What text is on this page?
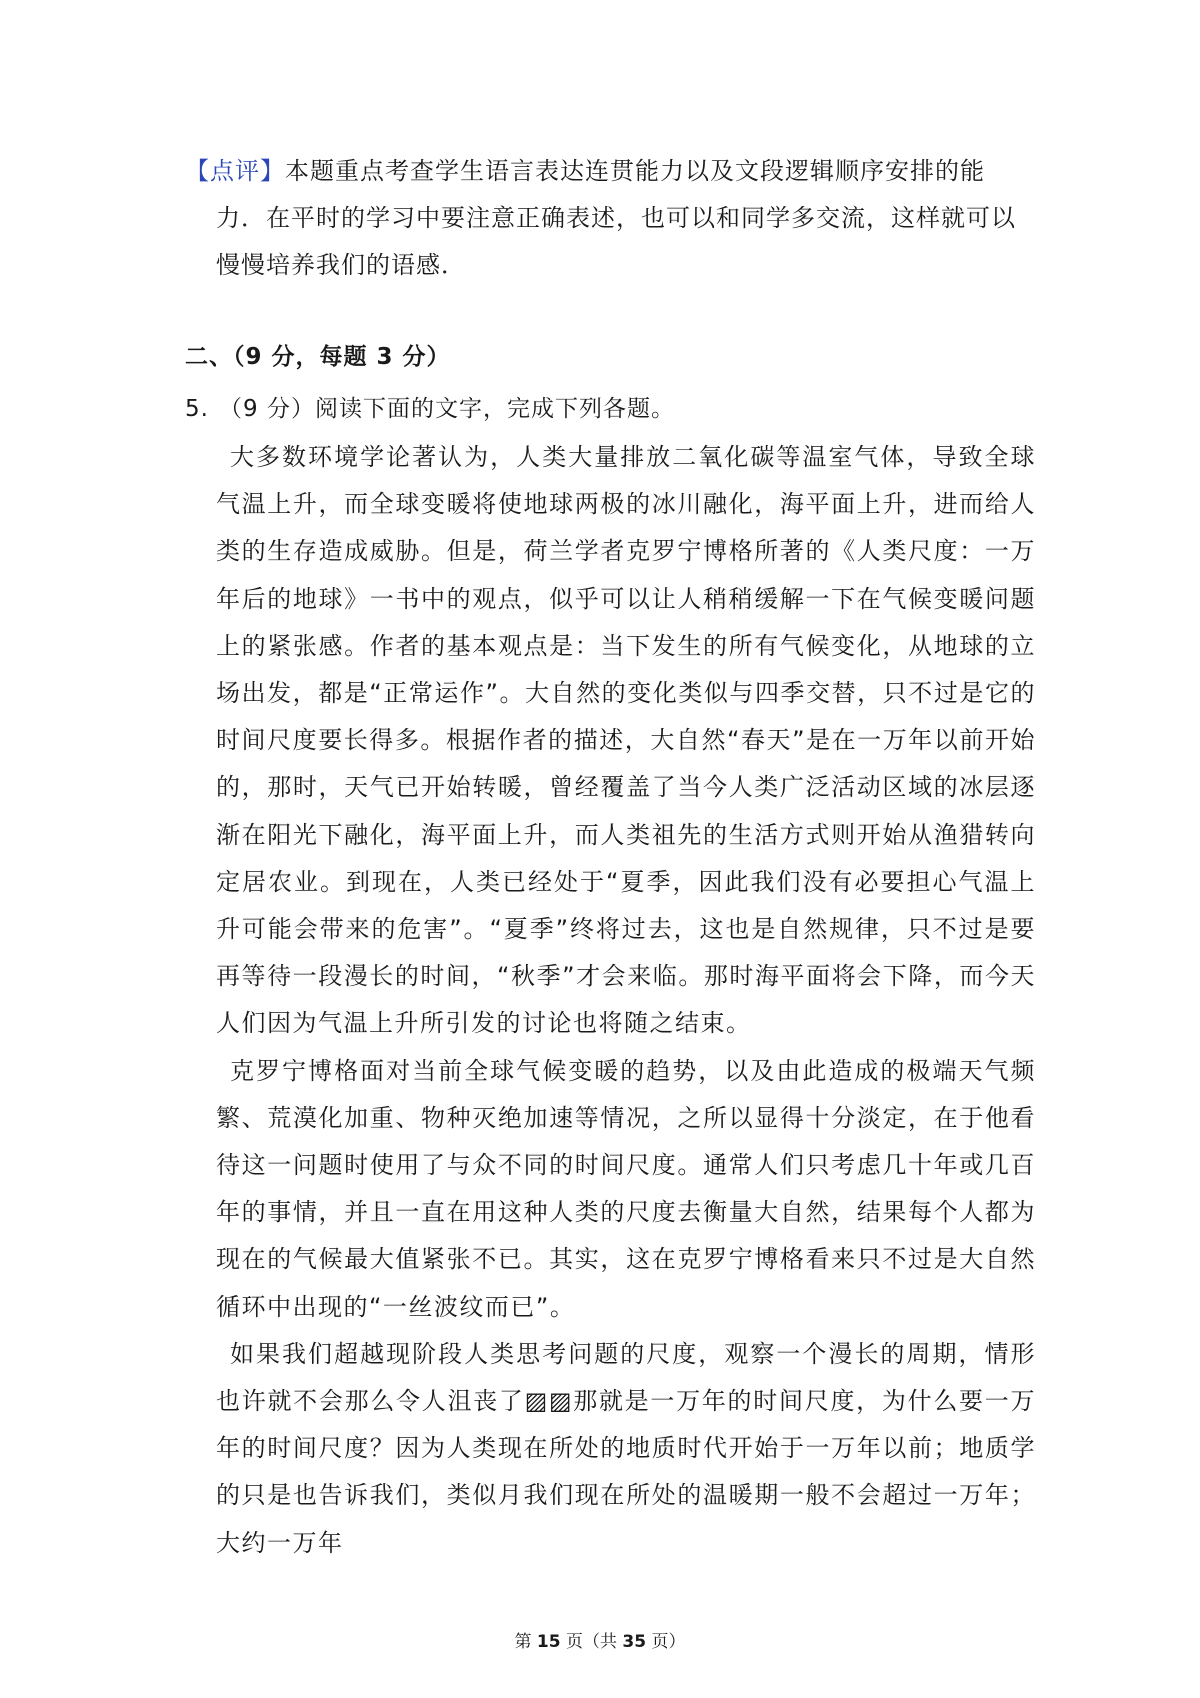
【点评】本题重点考查学生语言表达连贯能力以及文段逻辑顺序安排的能
力．在平时的学习中要注意正确表述，也可以和同学多交流，这样就可以慢慢培养我们的语感．
二、（9 分，每题 3 分）
5. （9 分）阅读下面的文字，完成下列各题。

大多数环境学论著认为，人类大量排放二氧化碳等温室气体，导致全球气温上升，而全球变暖将使地球两极的冰川融化，海平面上升，进而给人类的生存造成威胁。但是，荷兰学者克罗宁博格所著的《人类尺度：一万年后的地球》一书中的观点，似乎可以让人稍稍缓解一下在气候变暖问题上的紧张感。作者的基本观点是：当下发生的所有气候变化，从地球的立场出发，都是“正常运作”。大自然的变化类似与四季交替，只不过是它的时间尺度要长得多。根据作者的描述，大自然“春天”是在一万年以前开始的，那时，天气已开始转暖，曾经覆盖了当今人类广泛活动区域的冰层逐渐在阳光下融化，海平面上升，而人类祖先的生活方式则开始从渔猎转向定居农业。到现在，人类已经处于“夏季，因此我们没有必要担心气温上升可能会带来的危害”。“夏季”终将过去，这也是自然规律，只不过是要再等待一段漫长的时间，“秋季”才会来临。那时海平面将会下降，而今天人们因为气温上升所引发的讨论也将随之结束。

克罗宁博格面对当前全球气候变暖的趋势，以及由此造成的极端天气频繁、荒漠化加重、物种灭绝加速等情况，之所以显得十分淡定，在于他看待这一问题时使用了与众不同的时间尺度。通常人们只考虑几十年或几百年的事情，并且一直在用这种人类的尺度去衡量大自然，结果每个人都为现在的气候最大值紧张不已。其实，这在克罗宁博格看来只不过是大自然循环中出现的“一丝波纹而已”。

如果我们超越现阶段人类思考问题的尺度，观察一个漫长的周期，情形也许就不会那么令人沮丧了▨▨那就是一万年的时间尺度，为什么要一万年的时间尺度？因为人类现在所处的地质时代开始于一万年以前；地质学的只是也告诉我们，类似月我们现在所处的温暖期一般不会超过一万年；大约一万年

第 15 页（共 35 页）
